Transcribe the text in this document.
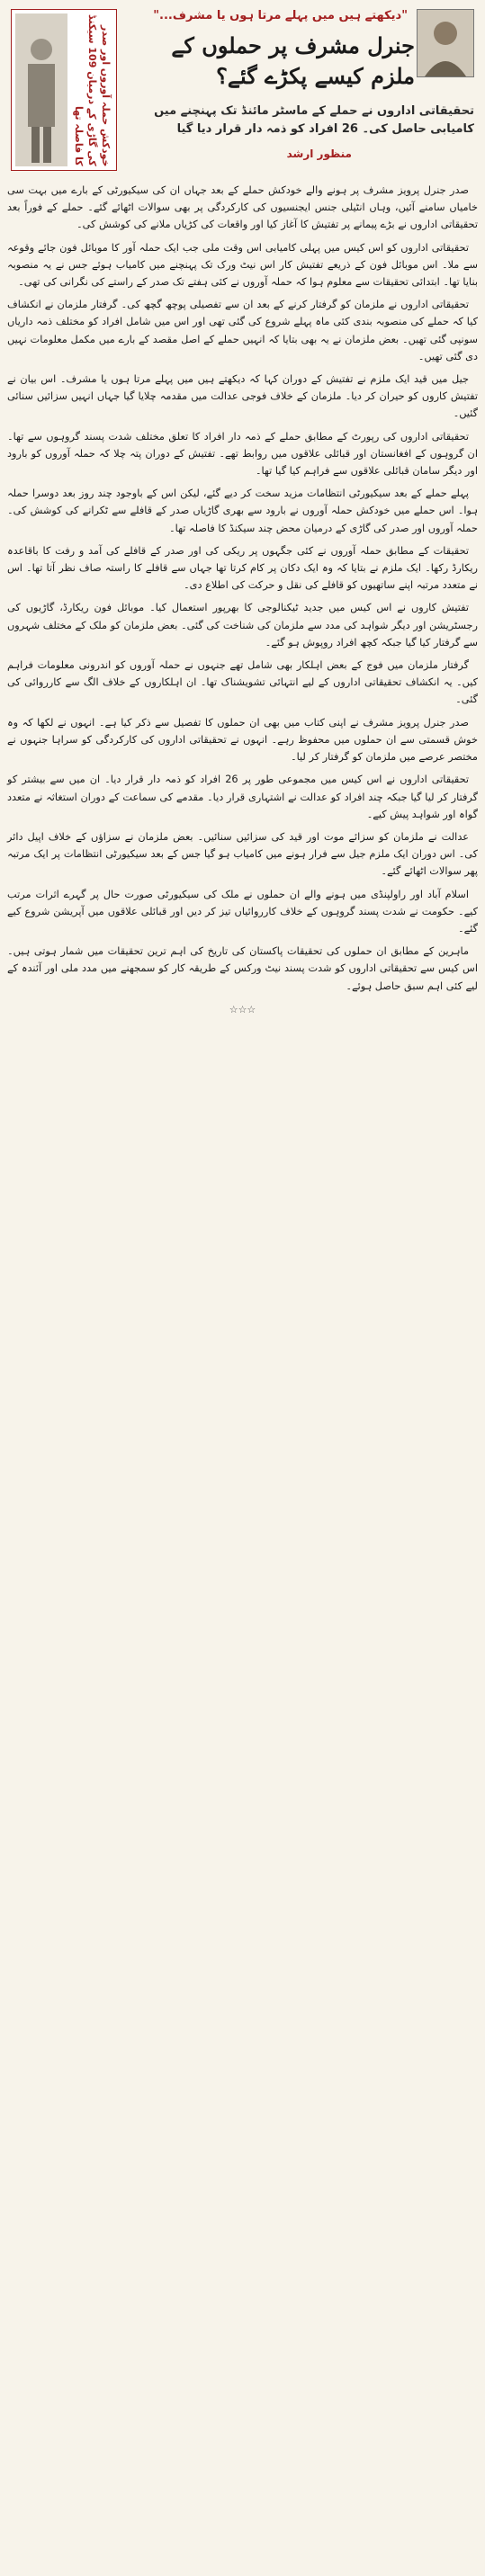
خودکش حملہ آوروں اور صدر کی گاڑی کے درمیان 109 سیکنڈ کا فاصلہ تھا
"دیکھتے ہیں میں پہلے مرتا ہوں یا مشرف..."
جنرل مشرف پر حملوں کے ملزم کیسے پکڑے گئے؟
تحقیقاتی اداروں نے حملے کے ماسٹر مائنڈ تک پہنچنے میں کامیابی حاصل کی۔ 26 افراد کو ذمہ دار قرار دیا گیا
منظور ارشد

صدر جنرل پرویز مشرف پر ہونے والے خودکش حملے کے بعد جہاں ان کی سیکیورٹی کے بارے میں بہت سی خامیاں سامنے آئیں، وہاں انٹیلی جنس ایجنسیوں کی کارکردگی پر بھی سوالات اٹھائے گئے۔ حملے کے فوراً بعد تحقیقاتی اداروں نے بڑے پیمانے پر تفتیش کا آغاز کیا اور واقعات کی کڑیاں ملانے کی کوشش کی۔

تحقیقاتی اداروں کو اس کیس میں پہلی کامیابی اس وقت ملی جب ایک حملہ آور کا موبائل فون جائے وقوعہ سے ملا۔ اس موبائل فون کے ذریعے تفتیش کار اس نیٹ ورک تک پہنچنے میں کامیاب ہوئے جس نے یہ منصوبہ بنایا تھا۔ ابتدائی تحقیقات سے معلوم ہوا کہ حملہ آوروں نے کئی ہفتے تک صدر کے راستے کی نگرانی کی تھی۔

تحقیقاتی اداروں نے ملزمان کو گرفتار کرنے کے بعد ان سے تفصیلی پوچھ گچھ کی۔ گرفتار ملزمان نے انکشاف کیا کہ حملے کی منصوبہ بندی کئی ماہ پہلے شروع کی گئی تھی اور اس میں شامل افراد کو مختلف ذمہ داریاں سونپی گئی تھیں۔ بعض ملزمان نے یہ بھی بتایا کہ انہیں حملے کے اصل مقصد کے بارے میں مکمل معلومات نہیں دی گئی تھیں۔

جیل میں قید ایک ملزم نے تفتیش کے دوران کہا کہ دیکھتے ہیں میں پہلے مرتا ہوں یا مشرف۔ اس بیان نے تفتیش کاروں کو حیران کر دیا۔ ملزمان کے خلاف فوجی عدالت میں مقدمہ چلایا گیا جہاں انہیں سزائیں سنائی گئیں۔

تحقیقاتی اداروں کی رپورٹ کے مطابق حملے کے ذمہ دار افراد کا تعلق مختلف شدت پسند گروہوں سے تھا۔ ان گروہوں کے افغانستان اور قبائلی علاقوں میں روابط تھے۔ تفتیش کے دوران پتہ چلا کہ حملہ آوروں کو بارود اور دیگر سامان قبائلی علاقوں سے فراہم کیا گیا تھا۔

پہلے حملے کے بعد سیکیورٹی انتظامات مزید سخت کر دیے گئے، لیکن اس کے باوجود چند روز بعد دوسرا حملہ ہوا۔ اس حملے میں خودکش حملہ آوروں نے بارود سے بھری گاڑیاں صدر کے قافلے سے ٹکرانے کی کوشش کی۔ حملہ آوروں اور صدر کی گاڑی کے درمیان محض چند سیکنڈ کا فاصلہ تھا۔

تحقیقات کے مطابق حملہ آوروں نے کئی جگہوں پر ریکی کی اور صدر کے قافلے کی آمد و رفت کا باقاعدہ ریکارڈ رکھا۔ ایک ملزم نے بتایا کہ وہ ایک دکان پر کام کرتا تھا جہاں سے قافلے کا راستہ صاف نظر آتا تھا۔ اس نے متعدد مرتبہ اپنے ساتھیوں کو قافلے کی نقل و حرکت کی اطلاع دی۔

تفتیش کاروں نے اس کیس میں جدید ٹیکنالوجی کا بھرپور استعمال کیا۔ موبائل فون ریکارڈ، گاڑیوں کی رجسٹریشن اور دیگر شواہد کی مدد سے ملزمان کی شناخت کی گئی۔ بعض ملزمان کو ملک کے مختلف شہروں سے گرفتار کیا گیا جبکہ کچھ افراد روپوش ہو گئے۔

گرفتار ملزمان میں فوج کے بعض اہلکار بھی شامل تھے جنہوں نے حملہ آوروں کو اندرونی معلومات فراہم کیں۔ یہ انکشاف تحقیقاتی اداروں کے لیے انتہائی تشویشناک تھا۔ ان اہلکاروں کے خلاف الگ سے کارروائی کی گئی۔

صدر جنرل پرویز مشرف نے اپنی کتاب میں بھی ان حملوں کا تفصیل سے ذکر کیا ہے۔ انہوں نے لکھا کہ وہ خوش قسمتی سے ان حملوں میں محفوظ رہے۔ انہوں نے تحقیقاتی اداروں کی کارکردگی کو سراہا جنہوں نے مختصر عرصے میں ملزمان کو گرفتار کر لیا۔

تحقیقاتی اداروں نے اس کیس میں مجموعی طور پر 26 افراد کو ذمہ دار قرار دیا۔ ان میں سے بیشتر کو گرفتار کر لیا گیا جبکہ چند افراد کو عدالت نے اشتہاری قرار دیا۔ مقدمے کی سماعت کے دوران استغاثہ نے متعدد گواہ اور شواہد پیش کیے۔

عدالت نے ملزمان کو سزائے موت اور قید کی سزائیں سنائیں۔ بعض ملزمان نے سزاؤں کے خلاف اپیل دائر کی۔ اس دوران ایک ملزم جیل سے فرار ہونے میں کامیاب ہو گیا جس کے بعد سیکیورٹی انتظامات پر ایک مرتبہ پھر سوالات اٹھائے گئے۔

اسلام آباد اور راولپنڈی میں ہونے والے ان حملوں نے ملک کی سیکیورٹی صورت حال پر گہرے اثرات مرتب کیے۔ حکومت نے شدت پسند گروہوں کے خلاف کارروائیاں تیز کر دیں اور قبائلی علاقوں میں آپریشن شروع کیے گئے۔

ماہرین کے مطابق ان حملوں کی تحقیقات پاکستان کی تاریخ کی اہم ترین تحقیقات میں شمار ہوتی ہیں۔ اس کیس سے تحقیقاتی اداروں کو شدت پسند نیٹ ورکس کے طریقہ کار کو سمجھنے میں مدد ملی اور آئندہ کے لیے کئی اہم سبق حاصل ہوئے۔

☆☆☆
